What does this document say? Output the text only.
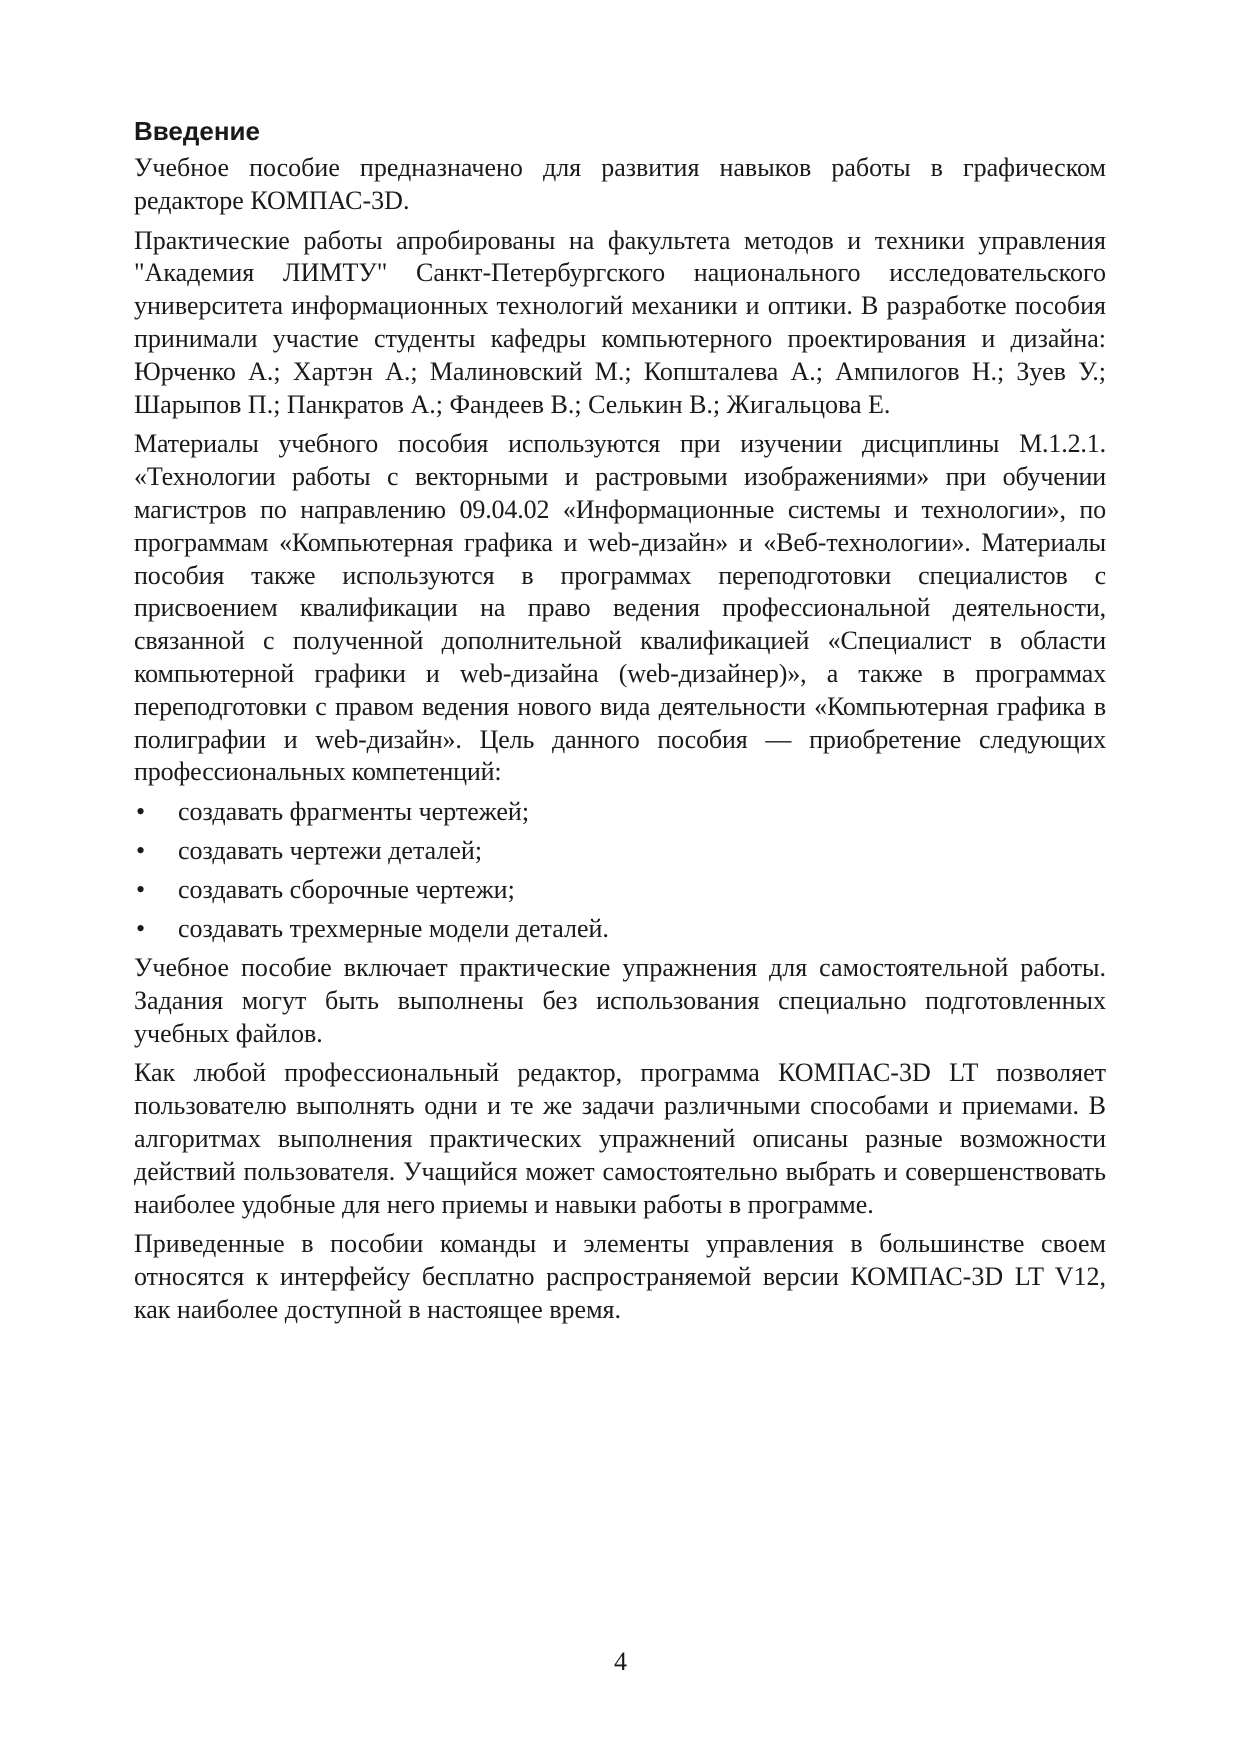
Введение

Учебное пособие предназначено для развития навыков работы в графическом редакторе КОМПАС-3D.

Практические работы апробированы на факультета методов и техники управления "Академия ЛИМТУ" Санкт-Петербургского национального исследовательского университета информационных технологий механики и оптики. В разработке пособия принимали участие студенты кафедры компьютерного проектирования и дизайна: Юрченко А.; Хартэн А.; Малиновский М.; Копшталева А.; Ампилогов Н.; Зуев У.; Шарыпов П.; Панкратов А.; Фандеев В.; Селькин В.; Жигальцова Е.

Материалы учебного пособия используются при изучении дисциплины М.1.2.1. «Технологии работы с векторными и растровыми изображениями» при обучении магистров по направлению 09.04.02 «Информационные системы и технологии», по программам «Компьютерная графика и web-дизайн» и «Веб-технологии». Материалы пособия также используются в программах переподготовки специалистов с присвоением квалификации на право ведения профессиональной деятельности, связанной с полученной дополнительной квалификацией «Специалист в области компьютерной графики и web-дизайна (web-дизайнер)», а также в программах переподготовки с правом ведения нового вида деятельности «Компьютерная графика в полиграфии и web-дизайн». Цель данного пособия — приобретение следующих профессиональных компетенций:

• создавать фрагменты чертежей;
• создавать чертежи деталей;
• создавать сборочные чертежи;
• создавать трехмерные модели деталей.

Учебное пособие включает практические упражнения для самостоятельной работы. Задания могут быть выполнены без использования специально подготовленных учебных файлов.

Как любой профессиональный редактор, программа КОМПАС-3D LT позволяет пользователю выполнять одни и те же задачи различными способами и приемами. В алгоритмах выполнения практических упражнений описаны разные возможности действий пользователя. Учащийся может самостоятельно выбрать и совершенствовать наиболее удобные для него приемы и навыки работы в программе.

Приведенные в пособии команды и элементы управления в большинстве своем относятся к интерфейсу бесплатно распространяемой версии КОМПАС-3D LT V12, как наиболее доступной в настоящее время.

4
